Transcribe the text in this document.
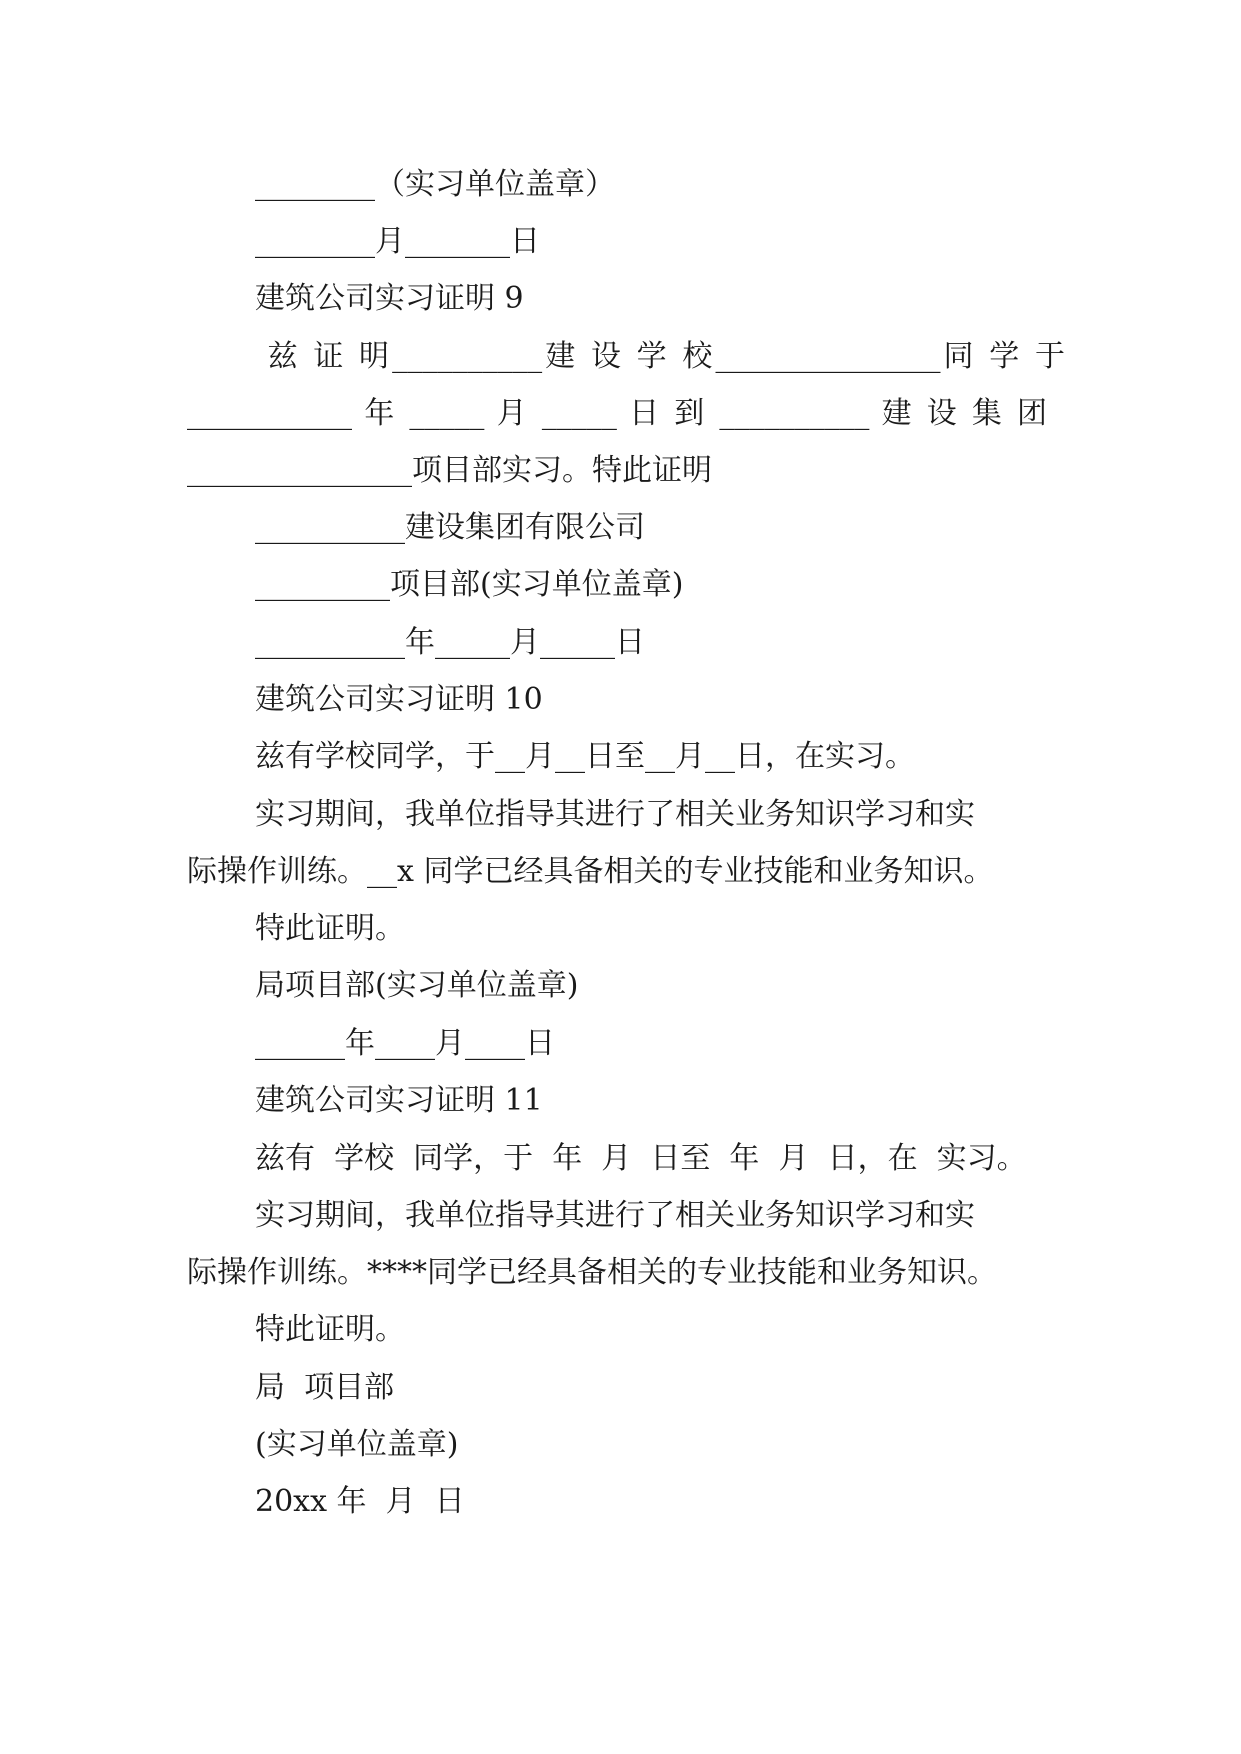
________（实习单位盖章）
________月_______日
建筑公司实习证明 9
兹 证 明__________建 设 学 校_______________同 学 于
___________ 年 _____ 月 _____ 日 到 __________ 建 设 集 团
_______________项目部实习。特此证明
__________建设集团有限公司
_________项目部(实习单位盖章)
__________年_____月_____日
建筑公司实习证明 10
兹有学校同学，于__月__日至__月__日，在实习。
实习期间，我单位指导其进行了相关业务知识学习和实
际操作训练。__x 同学已经具备相关的专业技能和业务知识。
特此证明。
局项目部(实习单位盖章)
______年____月____日
建筑公司实习证明 11
兹有  学校  同学，于  年  月  日至  年  月  日，在  实习。
实习期间，我单位指导其进行了相关业务知识学习和实
际操作训练。****同学已经具备相关的专业技能和业务知识。
特此证明。
局  项目部
(实习单位盖章)
20xx 年  月  日
